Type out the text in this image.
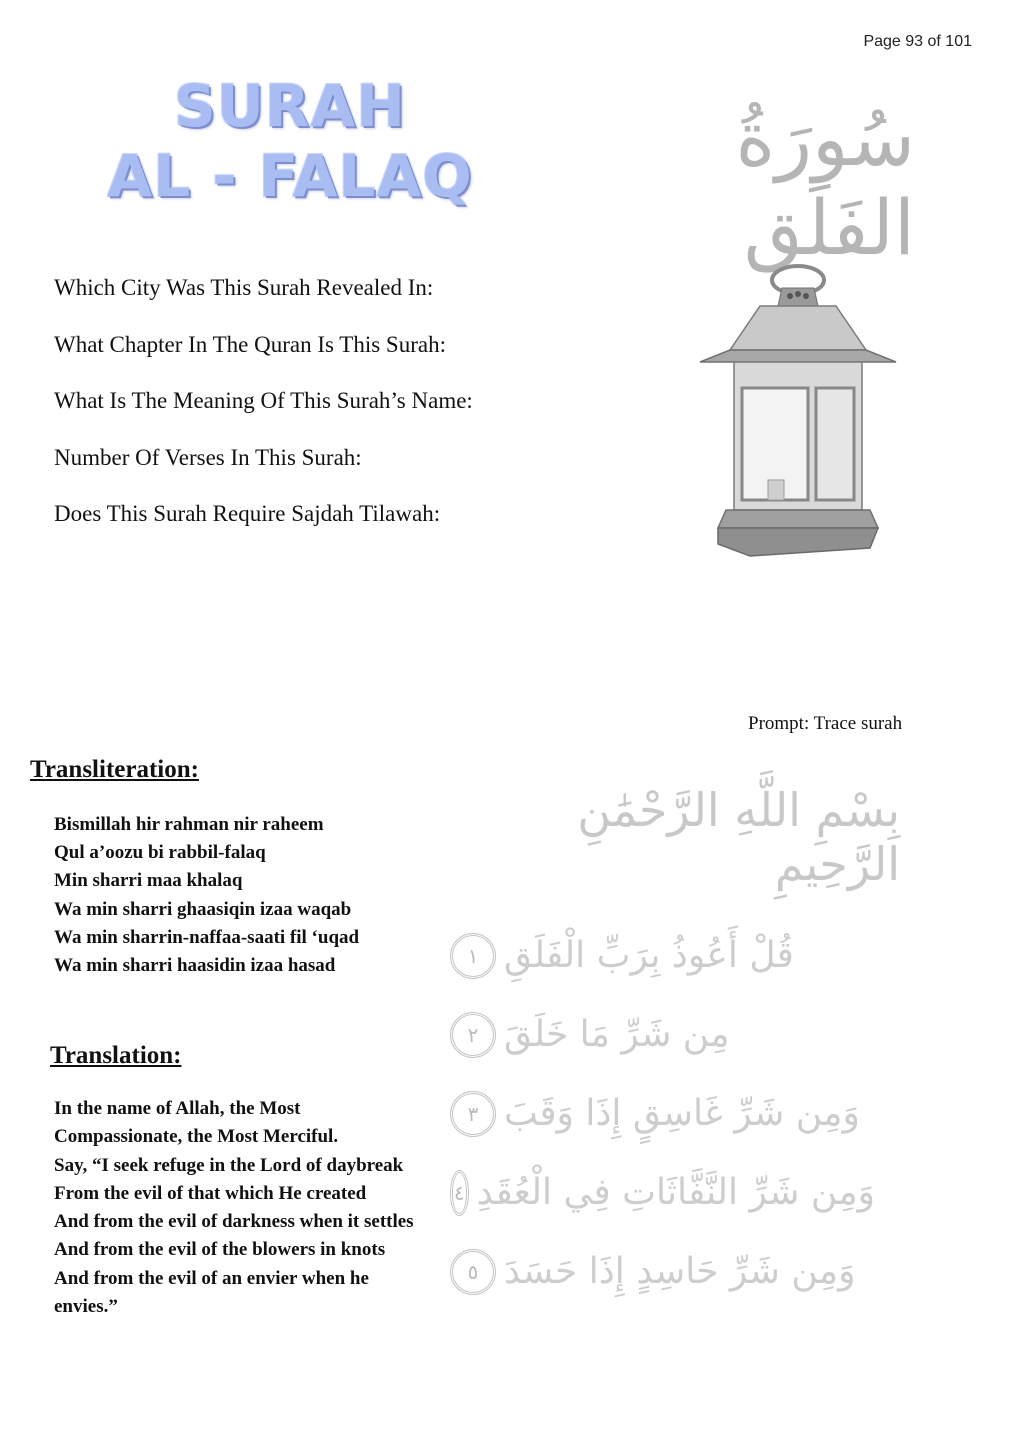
Page 93 of 101
SURAH
AL - FALAQ	سُورَةُ الفَلَق
Which City Was This Surah Revealed In:
What Chapter In The Quran Is This Surah:
What Is The Meaning Of This Surah’s Name:
Number Of Verses In This Surah:
Does This Surah Require Sajdah Tilawah:
Prompt: Trace surah
Transliteration:
Bismillah hir rahman nir raheem
Qul a’oozu bi rabbil-falaq
Min sharri maa khalaq
Wa min sharri ghaasiqin izaa waqab
Wa min sharrin-naffaa-saati fil ‘uqad
Wa min sharri haasidin izaa hasad
Translation:
In the name of Allah, the Most
Compassionate, the Most Merciful.
Say, “I seek refuge in the Lord of daybreak
From the evil of that which He created
And from the evil of darkness when it settles
And from the evil of the blowers in knots
And from the evil of an envier when he
envies.”
بِسْمِ اللَّهِ الرَّحْمَٰنِ الرَّحِيمِ
قُلْ أَعُوذُ بِرَبِّ الْفَلَقِ
١
مِن شَرِّ مَا خَلَقَ
٢
وَمِن شَرِّ غَاسِقٍ إِذَا وَقَبَ
٣
وَمِن شَرِّ النَّفَّاثَاتِ فِي الْعُقَدِ
٤
وَمِن شَرِّ حَاسِدٍ إِذَا حَسَدَ
٥
